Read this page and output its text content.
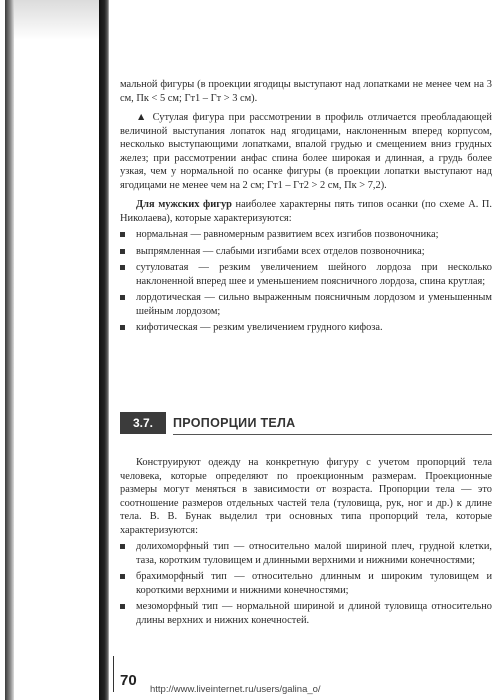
мальной фигуры (в проекции ягодицы выступают над лопатками не менее чем на 3 см, Пк < 5 см; Гт1 – Гт > 3 см).

▲ Сутулая фигура при рассмотрении в профиль отличается преобладающей величиной выступания лопаток над ягодицами, наклоненным вперед корпусом, несколько выступающими лопатками, впалой грудью и смещением вниз грудных желез; при рассмотрении анфас спина более широкая и длинная, а грудь более узкая, чем у нормальной по осанке фигуры (в проекции лопатки выступают над ягодицами не менее чем на 2 см; Гт1 – Гт2 > 2 см, Пк > 7,2).

Для мужских фигур наиболее характерны пять типов осанки (по схеме А. П. Николаева), которые характеризуются:

нормальная — равномерным развитием всех изгибов позвоночника;
выпрямленная — слабыми изгибами всех отделов позвоночника;
сутуловатая — резким увеличением шейного лордоза при несколько наклоненной вперед шее и уменьшением поясничного лордоза, спина крутлая;
лордотическая — сильно выраженным поясничным лордозом и уменьшенным шейным лордозом;
кифотическая — резким увеличением грудного кифоза.
3.7.	ПРОПОРЦИИ ТЕЛА

Конструируют одежду на конкретную фигуру с учетом пропорций тела человека, которые определяют по проекционным размерам. Проекционные размеры могут меняться в зависимости от возраста. Пропорции тела — это соотношение размеров отдельных частей тела (туловища, рук, ног и др.) к длине тела. В. В. Бунак выделил три основных типа пропорций тела, которые характеризуются:

долихоморфный тип — относительно малой шириной плеч, грудной клетки, таза, коротким туловищем и длинными верхними и нижними конечностями;
брахиморфный тип — относительно длинным и широким туловищем и короткими верхними и нижними конечностями;
мезоморфный тип — нормальной шириной и длиной туловища относительно длины верхних и нижних конечностей.
70
http://www.liveinternet.ru/users/galina_o/
